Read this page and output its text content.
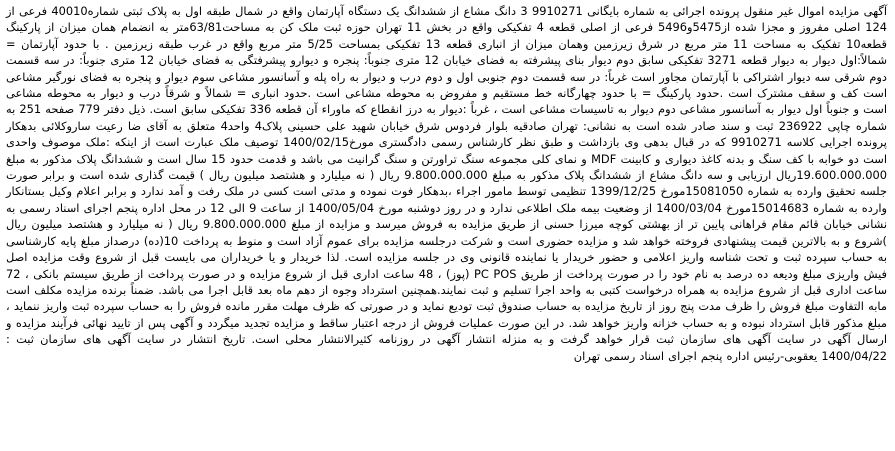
آگهی مزایده اموال غیر منقول پرونده اجرائی به شماره بایگانی 9910271 3 دانگ مشاع از ششدانگ یک دستگاه آپارتمان واقع در شمال طبقه اول به پلاک ثبتی شماره40010 فرعی از 124 اصلی مفروز و مجزا شده از5475و5496 فرعی از اصلی قطعه 4 تفکیکی واقع در بخش 11 تهران حوزه ثبت ملک کن به مساحت63/81متر به انضمام همان میزان از پارکینگ قطعه10 تفکیک به مساحت 11 متر مربع در شرق زیرزمین وهمان میزان از انباری قطعه 13 تفکیکی بمساحت 5/25 متر مربع واقع در غرب طبقه زیرزمین . با حدود آپارتمان = شمالاً:اول دیوار به دیوار قطعه 3271 تفکیکی سابق دوم دیوار بنای پیشرفته به فضای خیابان 12 متری جنوباً: پنجره و دیوارو پیشرفتگی به فضای خیابان 12 متری جنوباً: در سه قسمت دوم شرقی سه دیوار اشتراکی با آپارتمان مجاور است غرباً: در سه قسمت دوم جنوبی اول و دوم درب و دیوار به راه پله و آسانسور مشاعی سوم دیوار و پنجره به فضای نورگیر مشاعی است کف و سقف مشترک است .حدود پارکینگ = با حدود چهارگانه خط مستقیم و مفروض به محوطه مشاعی است .حدود انباری = شمالاً و شرقاً درب و دیوار به محوطه مشاعی است و جنوباً اول دیوار به آسانسور مشاعی دوم دیوار به تاسیسات مشاعی است ، غرباً :دیوار به درز انقطاع که ماوراء آن قطعه 336 تفکیکی سابق است. ذیل دفتر 779 صفحه 251 به شماره چاپی 236922 ثبت و سند صادر شده است به نشانی: تهران صادقیه بلوار فردوس شرق خیابان شهید علی حسینی پلاک4 واحد4 متعلق به آقای ضا رعیت ساروکلائی بدهکار پرونده اجرایی کلاسه 9910271 که در قبال بدهی وی بازداشت و طبق نظر کارشناس رسمی دادگستری مورخ1400/02/15 توصیف ملک عبارت است از اینکه :ملک موصوف واحدی است دو خوابه با کف سنگ و بدنه کاغذ دیواری و کابینت MDF و نمای کلی مجموعه سنگ تراورتن و سنگ گرانیت می باشد و قدمت حدود 15 سال است و ششدانگ پلاک مذکور به مبلغ 19.600.000.000ریال ارزیابی و سه دانگ مشاع از ششدانگ پلاک مذکور به مبلغ 9.800.000.000 ریال ( نه میلیارد و هشتصد میلیون ریال ) قیمت گذاری شده است و برابر صورت جلسه تحقیق وارده به شماره 15081050مورخ 1399/12/25 تنظیمی توسط مامور اجراء ،بدهکار فوت نموده و مدتی است کسی در ملک رفت و آمد ندارد و برابر اعلام وکیل بستانکار وارده به شماره 15014683مورخ 1400/03/04 از وضعیت بیمه ملک اطلاعی ندارد و در روز دوشنبه مورخ 1400/05/04 از ساعت 9 الی 12 در محل اداره پنجم اجرای اسناد رسمی به نشانی خیابان قائم مقام فراهانی پایین تر از بهشتی کوچه میرزا حسنی از طریق مزایده به فروش میرسد و مزایده از مبلغ 9.800.000.000 ریال ( نه میلیارد و هشتصد میلیون ریال )شروع و به بالاترین قیمت پیشنهادی فروخته خواهد شد و مزایده حضوری است و شرکت درجلسه مزایده برای عموم آزاد است و منوط به پرداخت 10(ده) درصداز مبلغ پایه کارشناسی به حساب سپرده ثبت و تحت شناسه واریز اعلامی و حضور خریدار یا نماینده قانونی وی در جلسه مزایده است. لذا خریدار و یا خریداران می بایست قبل از شروع وقت مزایده اصل فیش واریزی مبلغ ودیعه ده درصد به نام خود را در صورت پرداخت از طریق PC POS (پوز) ، 48 ساعت اداری قبل از شروع مزایده و در صورت پرداخت از طریق سیستم بانکی ، 72 ساعت اداری قبل از شروع مزایده به همراه درخواست کتبی به واحد اجرا تسلیم و ثبت نمایند.همچنین استرداد وجوه از دهم ماه بعد قابل اجرا می باشد. ضمناً برنده مزایده مکلف است مابه التفاوت مبلغ فروش را ظرف مدت پنج روز از تاریخ مزایده به حساب صندوق ثبت تودیع نماید و در صورتی که ظرف مهلت مقرر مانده فروش را به حساب سپرده ثبت واریز ننماید ، مبلغ مذکور قابل استرداد نبوده و به حساب خزانه واریز خواهد شد. در این صورت عملیات فروش از درجه اعتبار ساقط و مزایده تجدید میگردد و آگهی پس از تایید نهائی فرآیند مزایده و ارسال آگهی در سایت آگهی های سازمان ثبت قرار خواهد گرفت و به منزله انتشار آگهی در روزنامه کثیرالانتشار محلی است. تاریخ انتشار در سایت آگهی های سازمان ثبت : 1400/04/22 یعقوبی-رئیس اداره پنجم اجرای اسناد رسمی تهران
